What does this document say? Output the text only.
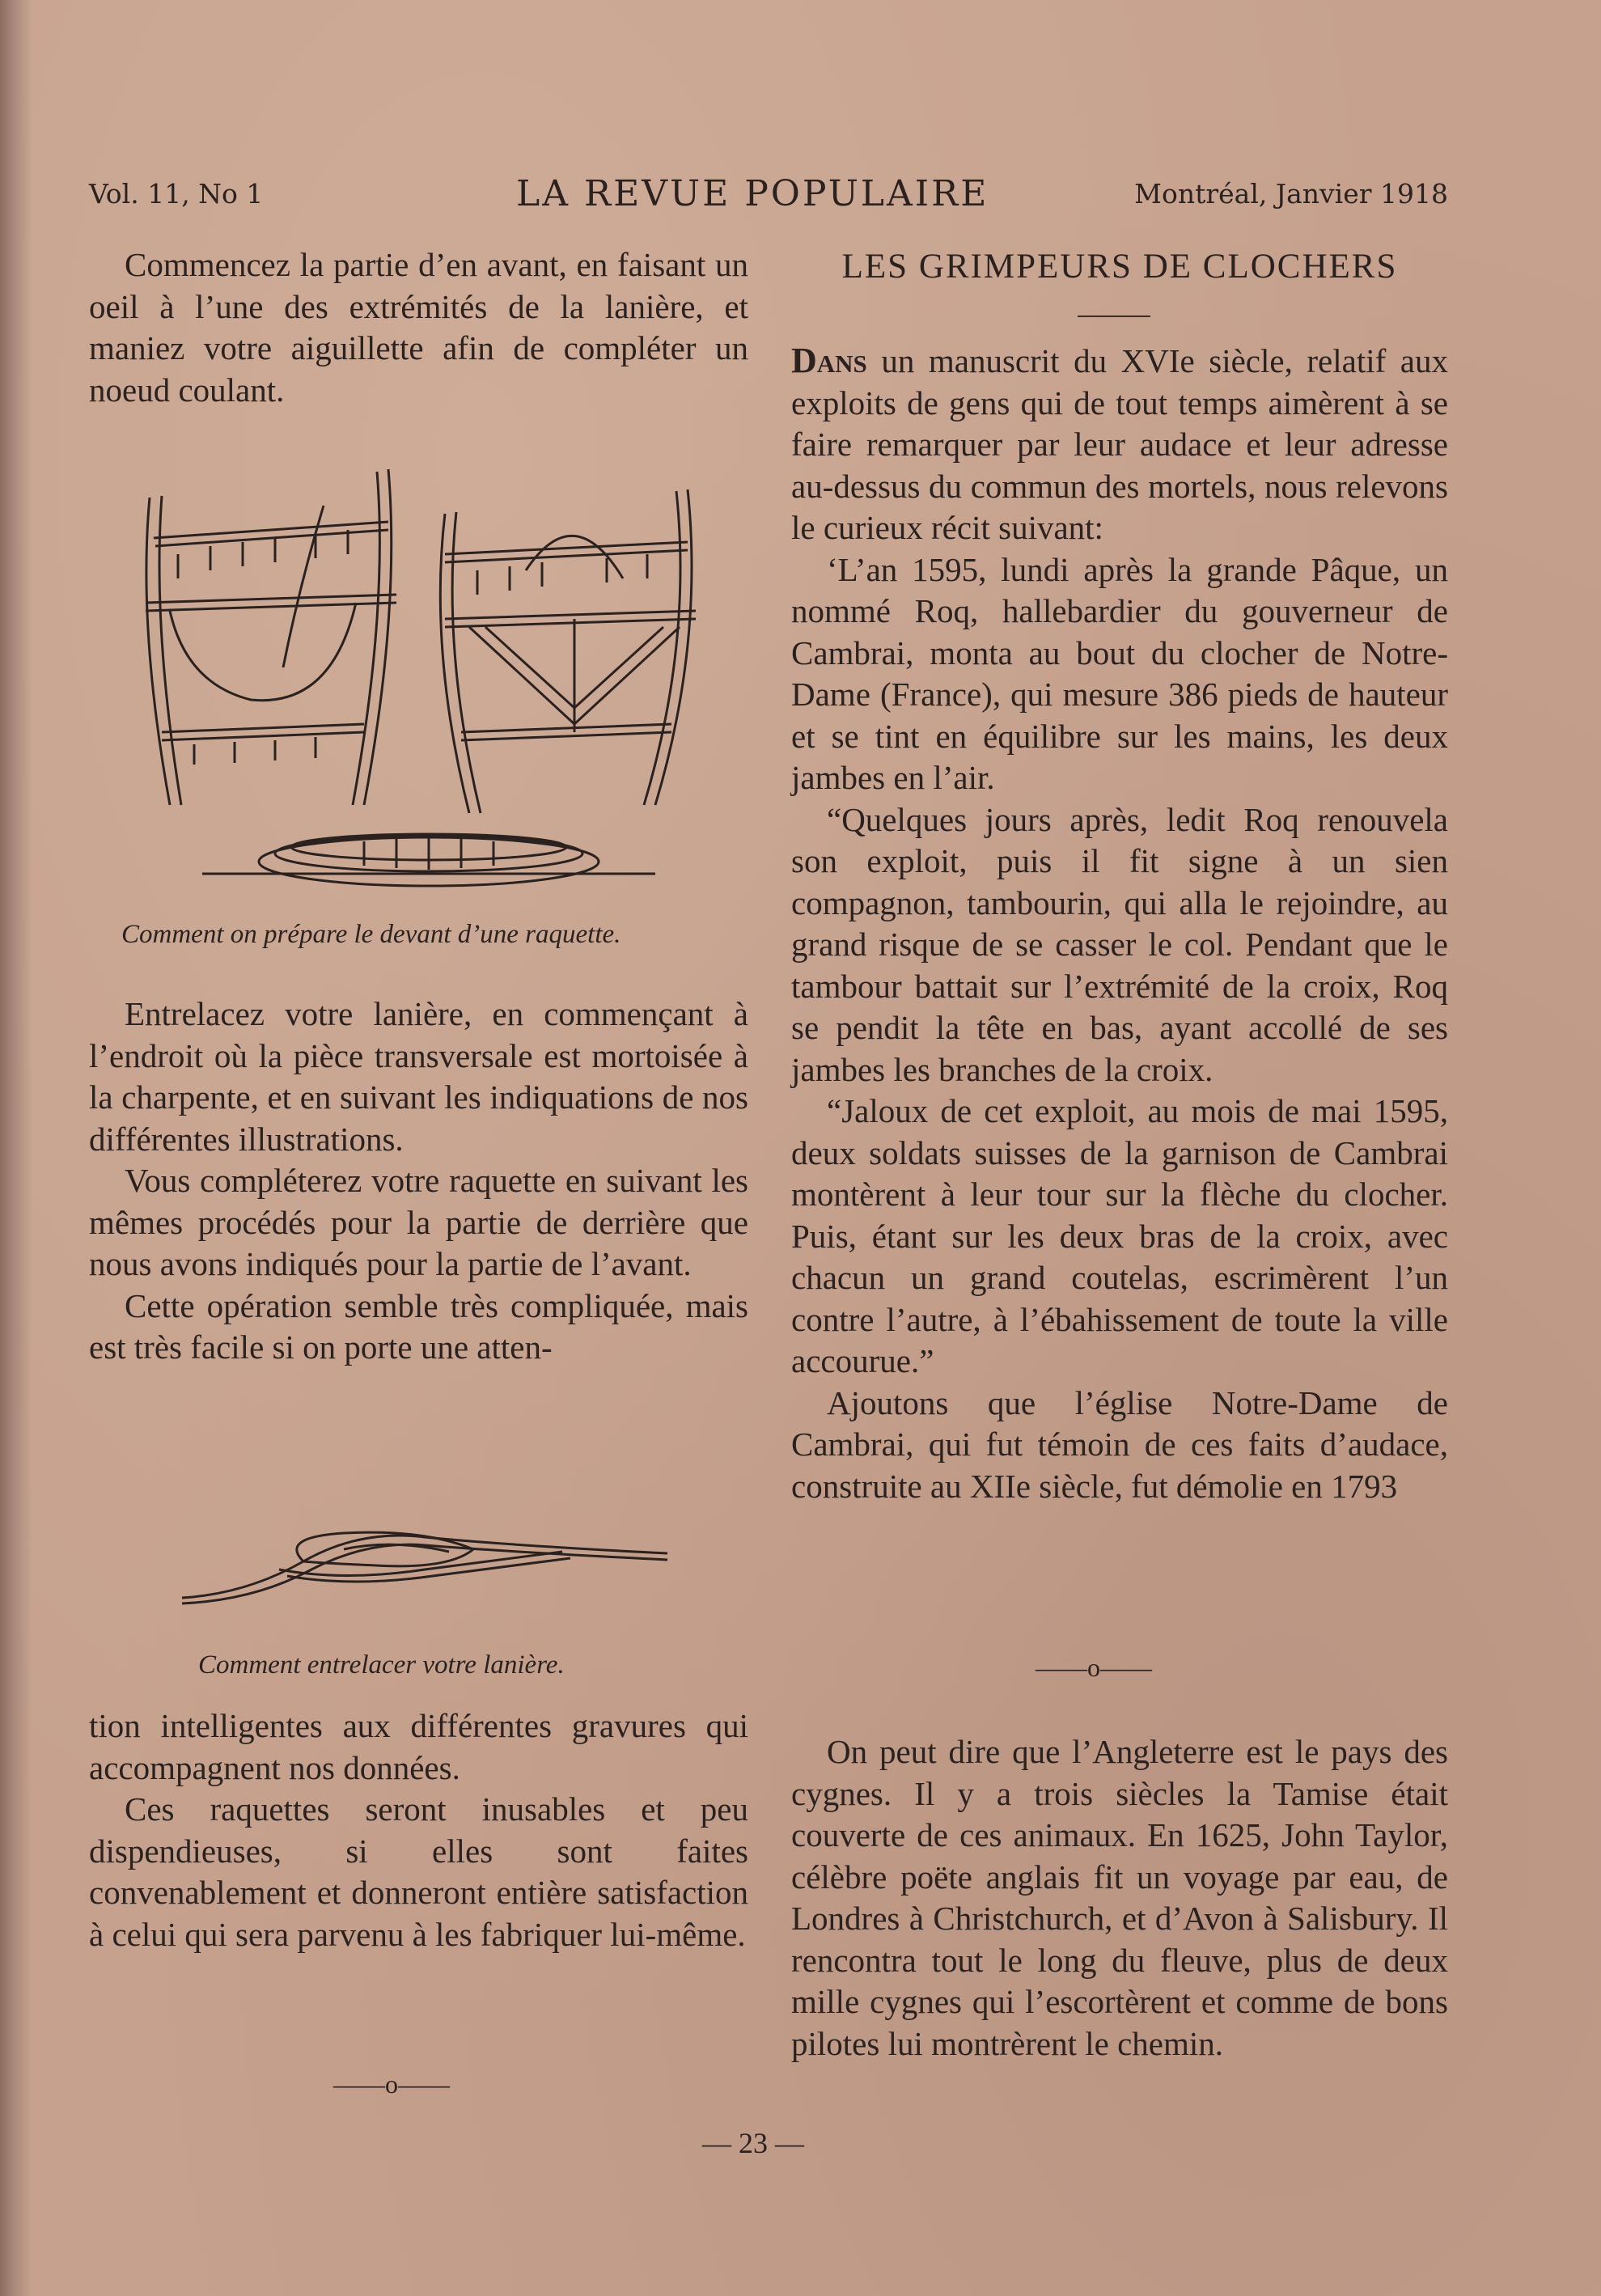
Vol. 11, No 1	LA REVUE POPULAIRE	Montréal, Janvier 1918

Commencez la partie d’en avant, en faisant un oeil à l’une des extrémités de la lanière, et maniez votre aiguillette afin de compléter un noeud coulant.

Comment on prépare le devant d’une raquette.

Entrelacez votre lanière, en commençant à l’endroit où la pièce transversale est mortoisée à la charpente, et en suivant les indiquations de nos différentes illustrations.

Vous compléterez votre raquette en suivant les mêmes procédés pour la partie de derrière que nous avons indiqués pour la partie de l’avant.

Cette opération semble très compliquée, mais est très facile si on porte une atten-

Comment entrelacer votre lanière.

tion intelligentes aux différentes gravures qui accompagnent nos données.

Ces raquettes seront inusables et peu dispendieuses, si elles sont faites convenablement et donneront entière satisfaction à celui qui sera parvenu à les fabriquer lui-même.

——o——
LES GRIMPEURS DE CLOCHERS

Dans un manuscrit du XVIe siècle, relatif aux exploits de gens qui de tout temps aimèrent à se faire remarquer par leur audace et leur adresse au-dessus du commun des mortels, nous relevons le curieux récit suivant:

‘L’an 1595, lundi après la grande Pâque, un nommé Roq, hallebardier du gouverneur de Cambrai, monta au bout du clocher de Notre-Dame (France), qui mesure 386 pieds de hauteur et se tint en équilibre sur les mains, les deux jambes en l’air.

“Quelques jours après, ledit Roq renouvela son exploit, puis il fit signe à un sien compagnon, tambourin, qui alla le rejoindre, au grand risque de se casser le col. Pendant que le tambour battait sur l’extrémité de la croix, Roq se pendit la tête en bas, ayant accollé de ses jambes les branches de la croix.

“Jaloux de cet exploit, au mois de mai 1595, deux soldats suisses de la garnison de Cambrai montèrent à leur tour sur la flèche du clocher. Puis, étant sur les deux bras de la croix, avec chacun un grand coutelas, escrimèrent l’un contre l’autre, à l’ébahissement de toute la ville accourue.”

Ajoutons que l’église Notre-Dame de Cambrai, qui fut témoin de ces faits d’audace, construite au XIIe siècle, fut démolie en 1793

——o——

On peut dire que l’Angleterre est le pays des cygnes. Il y a trois siècles la Tamise était couverte de ces animaux. En 1625, John Taylor, célèbre poëte anglais fit un voyage par eau, de Londres à Christchurch, et d’Avon à Salisbury. Il rencontra tout le long du fleuve, plus de deux mille cygnes qui l’escortèrent et comme de bons pilotes lui montrèrent le chemin.

— 23 —
